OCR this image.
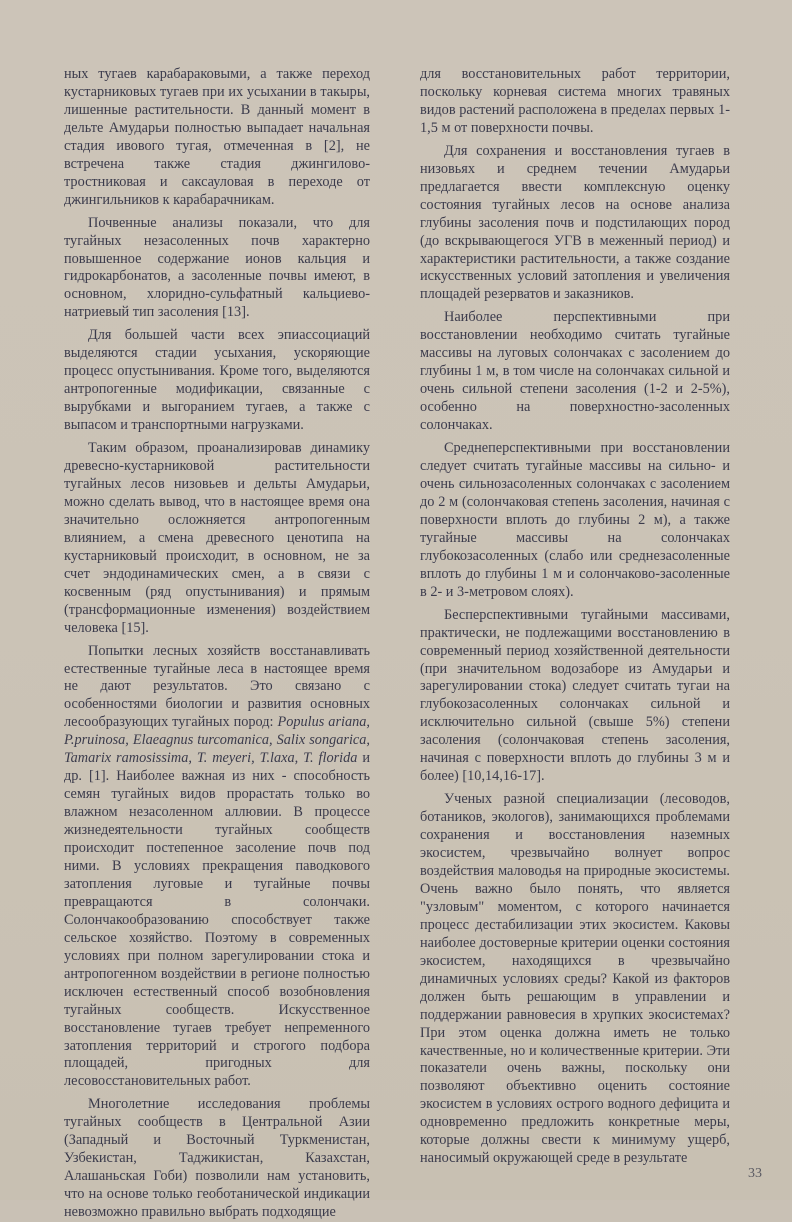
ных тугаев карабараковыми, а также переход кустарниковых тугаев при их усыхании в такыры, лишенные растительности. В данный момент в дельте Амударьи полностью выпадает начальная стадия ивового тугая, отмеченная в [2], не встречена также стадия джингилово-тростниковая и саксауловая в переходе от джингильников к карабарачникам.

Почвенные анализы показали, что для тугайных незасоленных почв характерно повышенное содержание ионов кальция и гидрокарбонатов, а засоленные почвы имеют, в основном, хлоридно-сульфатный кальциево-натриевый тип засоления [13].

Для большей части всех эпиассоциаций выделяются стадии усыхания, ускоряющие процесс опустынивания. Кроме того, выделяются антропогенные модификации, связанные с вырубками и выгоранием тугаев, а также с выпасом и транспортными нагрузками.

Таким образом, проанализировав динамику древесно-кустарниковой растительности тугайных лесов низовьев и дельты Амударьи, можно сделать вывод, что в настоящее время она значительно осложняется антропогенным влиянием, а смена древесного ценотипа на кустарниковый происходит, в основном, не за счет эндодинамических смен, а в связи с косвенным (ряд опустынивания) и прямым (трансформационные изменения) воздействием человека [15].

Попытки лесных хозяйств восстанавливать естественные тугайные леса в настоящее время не дают результатов. Это связано с особенностями биологии и развития основных лесообразующих тугайных пород: Populus ariana, P.pruinosa, Elaeagnus turcomanica, Salix songarica, Tamarix ramosissima, T. meyeri, T.laxa, T. florida и др. [1]. Наиболее важная из них - способность семян тугайных видов прорастать только во влажном незасоленном аллювии. В процессе жизнедеятельности тугайных сообществ происходит постепенное засоление почв под ними. В условиях прекращения паводкового затопления луговые и тугайные почвы превращаются в солончаки. Солончакообразованию способствует также сельское хозяйство. Поэтому в современных условиях при полном зарегулировании стока и антропогенном воздействии в регионе полностью исключен естественный способ возобновления тугайных сообществ. Искусственное восстановление тугаев требует непременного затопления территорий и строгого подбора площадей, пригодных для лесовосстановительных работ.

Многолетние исследования проблемы тугайных сообществ в Центральной Азии (Западный и Восточный Туркменистан, Узбекистан, Таджикистан, Казахстан, Алашаньская Гоби) позволили нам установить, что на основе только геоботанической индикации невозможно правильно выбрать подходящие

для восстановительных работ территории, поскольку корневая система многих травяных видов растений расположена в пределах первых 1-1,5 м от поверхности почвы.

Для сохранения и восстановления тугаев в низовьях и среднем течении Амударьи предлагается ввести комплексную оценку состояния тугайных лесов на основе анализа глубины засоления почв и подстилающих пород (до вскрывающегося УГВ в меженный период) и характеристики растительности, а также создание искусственных условий затопления и увеличения площадей резерватов и заказников.

Наиболее перспективными при восстановлении необходимо считать тугайные массивы на луговых солончаках с засолением до глубины 1 м, в том числе на солончаках сильной и очень сильной степени засоления (1-2 и 2-5%), особенно на поверхностно-засоленных солончаках.

Среднеперспективными при восстановлении следует считать тугайные массивы на сильно- и очень сильнозасоленных солончаках с засолением до 2 м (солончаковая степень засоления, начиная с поверхности вплоть до глубины 2 м), а также тугайные массивы на солончаках глубокозасоленных (слабо или среднезасоленные вплоть до глубины 1 м и солончаково-засоленные в 2- и 3-метровом слоях).

Бесперспективными тугайными массивами, практически, не подлежащими восстановлению в современный период хозяйственной деятельности (при значительном водозаборе из Амударьи и зарегулировании стока) следует считать тугаи на глубокозасоленных солончаках сильной и исключительно сильной (свыше 5%) степени засоления (солончаковая степень засоления, начиная с поверхности вплоть до глубины 3 м и более) [10,14,16-17].

Ученых разной специализации (лесоводов, ботаников, экологов), занимающихся проблемами сохранения и восстановления наземных экосистем, чрезвычайно волнует вопрос воздействия маловодья на природные экосистемы. Очень важно было понять, что является "узловым" моментом, с которого начинается процесс дестабилизации этих экосистем. Каковы наиболее достоверные критерии оценки состояния экосистем, находящихся в чрезвычайно динамичных условиях среды? Какой из факторов должен быть решающим в управлении и поддержании равновесия в хрупких экосистемах? При этом оценка должна иметь не только качественные, но и количественные критерии. Эти показатели очень важны, поскольку они позволяют объективно оценить состояние экосистем в условиях острого водного дефицита и одновременно предложить конкретные меры, которые должны свести к минимуму ущерб, наносимый окружающей среде в результате

33
